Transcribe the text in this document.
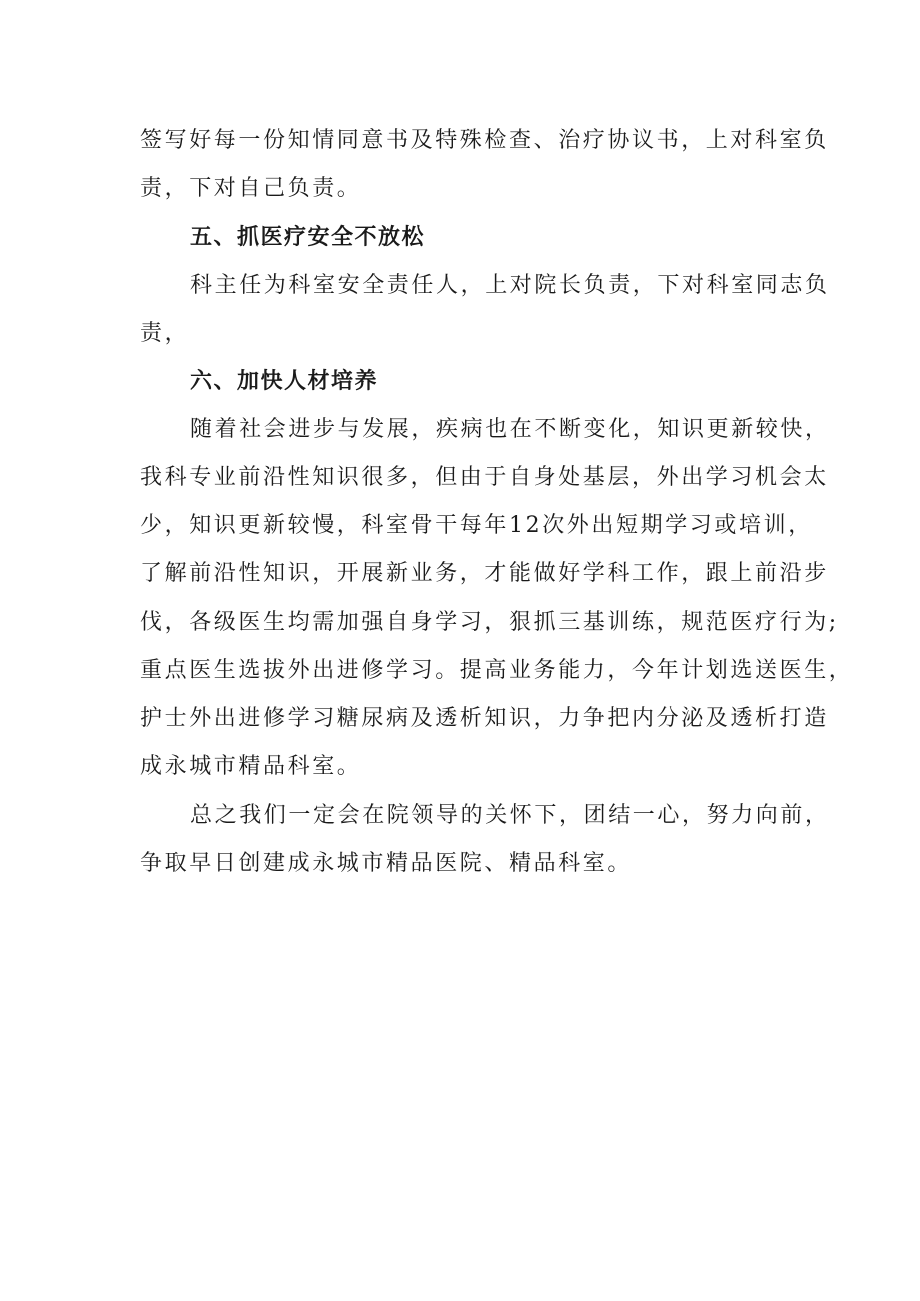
签写好每一份知情同意书及特殊检查、治疗协议书，上对科室负

责，下对自己负责。

五、抓医疗安全不放松

科主任为科室安全责任人，上对院长负责，下对科室同志负

责，

六、加快人材培养

随着社会进步与发展，疾病也在不断变化，知识更新较快，

我科专业前沿性知识很多，但由于自身处基层，外出学习机会太

少，知识更新较慢，科室骨干每年12次外出短期学习或培训，

了解前沿性知识，开展新业务，才能做好学科工作，跟上前沿步

伐，各级医生均需加强自身学习，狠抓三基训练，规范医疗行为;

重点医生选拔外出进修学习。提高业务能力，今年计划选送医生，

护士外出进修学习糖尿病及透析知识，力争把内分泌及透析打造

成永城市精品科室。

总之我们一定会在院领导的关怀下，团结一心，努力向前，

争取早日创建成永城市精品医院、精品科室。
